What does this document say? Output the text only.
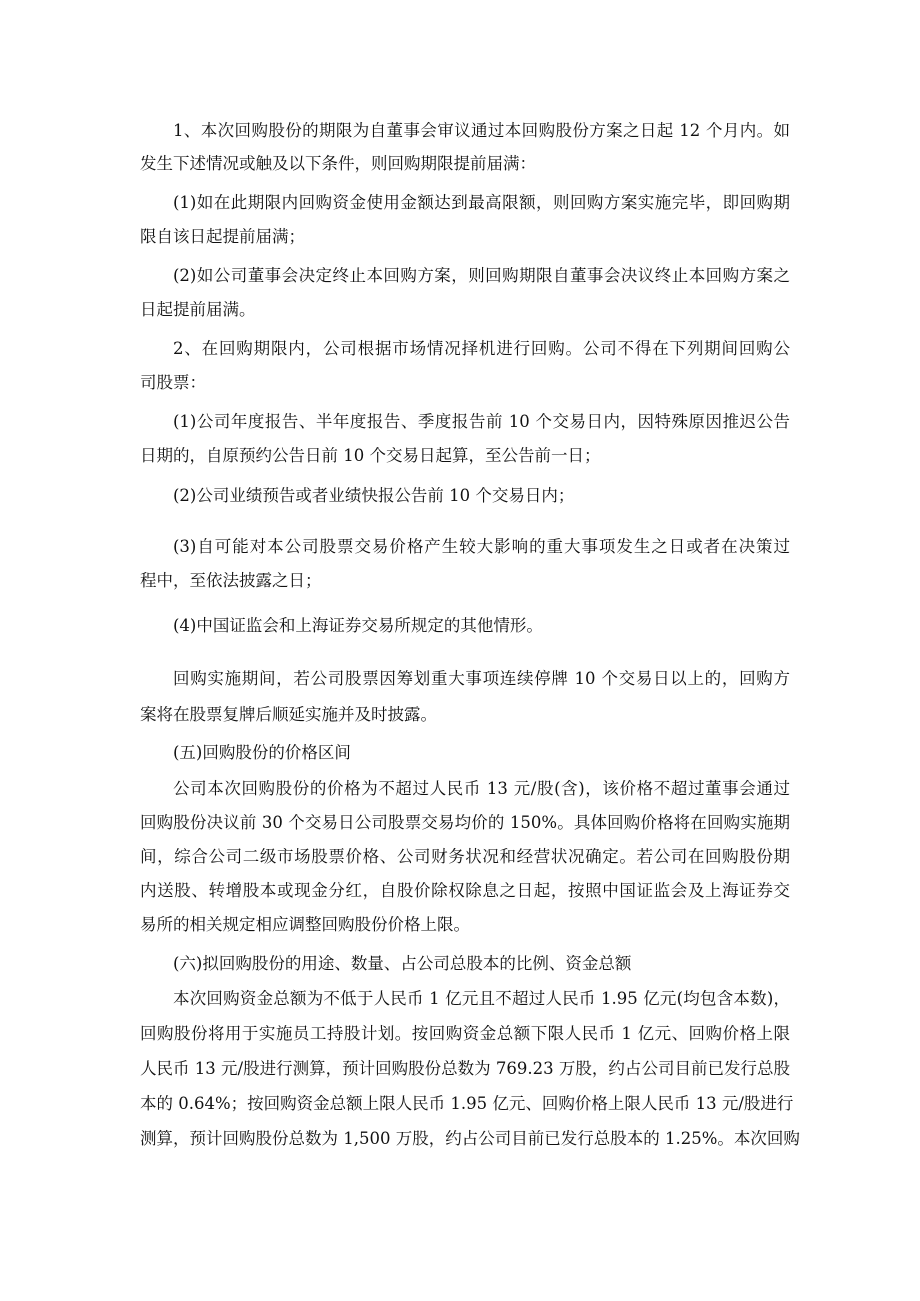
1、本次回购股份的期限为自董事会审议通过本回购股份方案之日起 12 个月内。如
发生下述情况或触及以下条件，则回购期限提前届满：
(1)如在此期限内回购资金使用金额达到最高限额，则回购方案实施完毕，即回购期
限自该日起提前届满；
(2)如公司董事会决定终止本回购方案，则回购期限自董事会决议终止本回购方案之
日起提前届满。
2、在回购期限内，公司根据市场情况择机进行回购。公司不得在下列期间回购公
司股票：
(1)公司年度报告、半年度报告、季度报告前 10 个交易日内，因特殊原因推迟公告
日期的，自原预约公告日前 10 个交易日起算，至公告前一日；
(2)公司业绩预告或者业绩快报公告前 10 个交易日内；
(3)自可能对本公司股票交易价格产生较大影响的重大事项发生之日或者在决策过
程中，至依法披露之日；
(4)中国证监会和上海证券交易所规定的其他情形。
回购实施期间，若公司股票因筹划重大事项连续停牌 10 个交易日以上的，回购方
案将在股票复牌后顺延实施并及时披露。
(五)回购股份的价格区间
公司本次回购股份的价格为不超过人民币 13 元/股(含)，该价格不超过董事会通过
回购股份决议前 30 个交易日公司股票交易均价的 150%。具体回购价格将在回购实施期
间，综合公司二级市场股票价格、公司财务状况和经营状况确定。若公司在回购股份期
内送股、转增股本或现金分红，自股价除权除息之日起，按照中国证监会及上海证券交
易所的相关规定相应调整回购股份价格上限。
(六)拟回购股份的用途、数量、占公司总股本的比例、资金总额
本次回购资金总额为不低于人民币 1 亿元且不超过人民币 1.95 亿元(均包含本数)，
回购股份将用于实施员工持股计划。按回购资金总额下限人民币 1 亿元、回购价格上限
人民币 13 元/股进行测算，预计回购股份总数为 769.23 万股，约占公司目前已发行总股
本的 0.64%；按回购资金总额上限人民币 1.95 亿元、回购价格上限人民币 13 元/股进行
测算，预计回购股份总数为 1,500 万股，约占公司目前已发行总股本的 1.25%。本次回购
